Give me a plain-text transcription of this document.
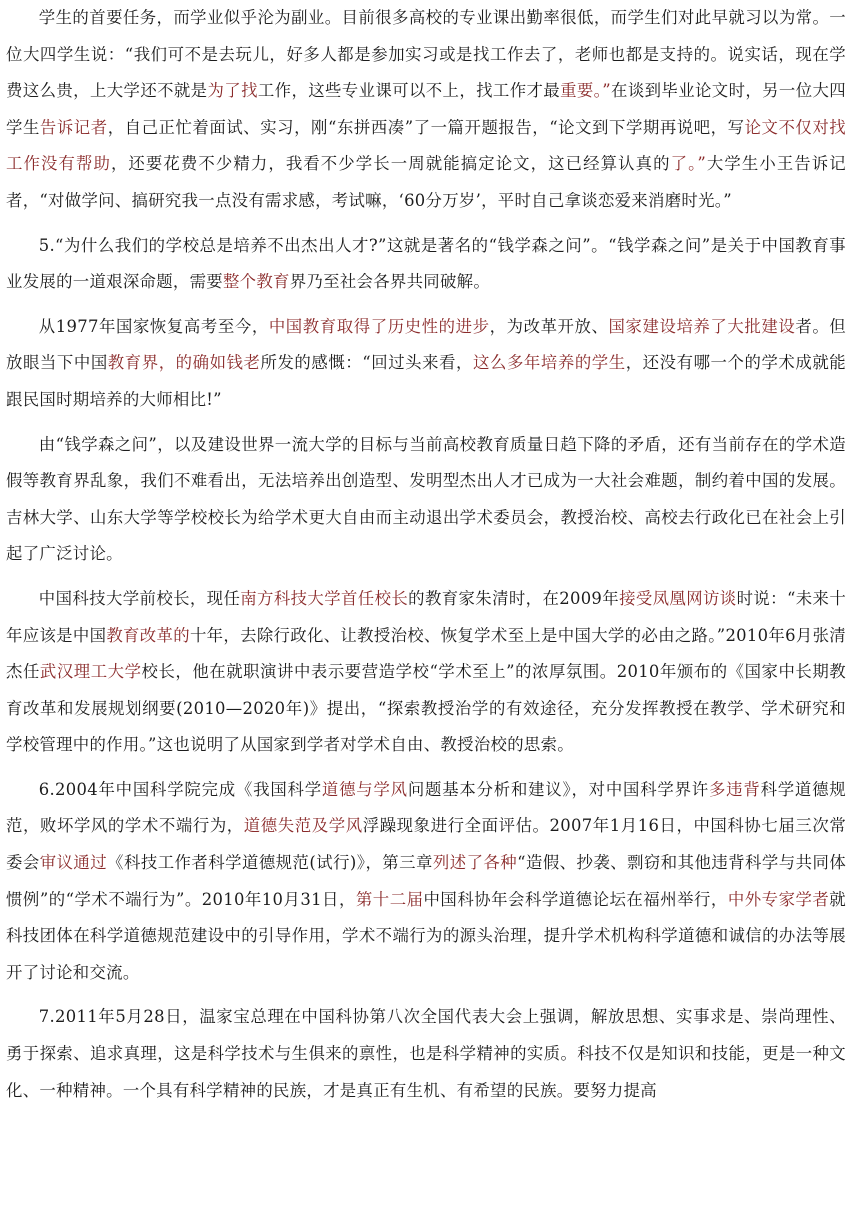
学生的首要任务，而学业似乎沦为副业。目前很多高校的专业课出勤率很低，而学生们对此早就习以为常。一位大四学生说：“我们可不是去玩儿，好多人都是参加实习或是找工作去了，老师也都是支持的。说实话，现在学费这么贵，上大学还不就是为了找工作，这些专业课可以不上，找工作才最重要。”在谈到毕业论文时，另一位大四学生告诉记者，自己正忙着面试、实习，刚“东拼西凑”了一篇开题报告，“论文到下学期再说吧，写论文不仅对找工作没有帮助，还要花费不少精力，我看不少学长一周就能搞定论文，这已经算认真的了。”大学生小王告诉记者，“对做学问、搞研究我一点没有需求感，考试嘛，‘60分万岁’，平时自己拿谈恋爱来消磨时光。”

5.“为什么我们的学校总是培养不出杰出人才?”这就是著名的“钱学森之问”。“钱学森之问”是关于中国教育事业发展的一道艰深命题，需要整个教育界乃至社会各界共同破解。

从1977年国家恢复高考至今，中国教育取得了历史性的进步，为改革开放、国家建设培养了大批建设者。但放眼当下中国教育界，的确如钱老所发的感慨：“回过头来看，这么多年培养的学生，还没有哪一个的学术成就能跟民国时期培养的大师相比!”

由“钱学森之问”，以及建设世界一流大学的目标与当前高校教育质量日趋下降的矛盾，还有当前存在的学术造假等教育界乱象，我们不难看出，无法培养出创造型、发明型杰出人才已成为一大社会难题，制约着中国的发展。吉林大学、山东大学等学校校长为给学术更大自由而主动退出学术委员会，教授治校、高校去行政化已在社会上引起了广泛讨论。

中国科技大学前校长，现任南方科技大学首任校长的教育家朱清时，在2009年接受凤凰网访谈时说：“未来十年应该是中国教育改革的十年，去除行政化、让教授治校、恢复学术至上是中国大学的必由之路。”2010年6月张清杰任武汉理工大学校长，他在就职演讲中表示要营造学校“学术至上”的浓厚氛围。2010年颁布的《国家中长期教育改革和发展规划纲要(2010—2020年)》提出，“探索教授治学的有效途径，充分发挥教授在教学、学术研究和学校管理中的作用。”这也说明了从国家到学者对学术自由、教授治校的思索。

6.2004年中国科学院完成《我国科学道德与学风问题基本分析和建议》，对中国科学界许多违背科学道德规范，败坏学风的学术不端行为，道德失范及学风浮躁现象进行全面评估。2007年1月16日，中国科协七届三次常委会审议通过《科技工作者科学道德规范(试行)》，第三章列述了各种“造假、抄袭、剽窃和其他违背科学与共同体惯例”的“学术不端行为”。2010年10月31日，第十二届中国科协年会科学道德论坛在福州举行，中外专家学者就科技团体在科学道德规范建设中的引导作用，学术不端行为的源头治理，提升学术机构科学道德和诚信的办法等展开了讨论和交流。

7.2011年5月28日，温家宝总理在中国科协第八次全国代表大会上强调，解放思想、实事求是、崇尚理性、勇于探索、追求真理，这是科学技术与生俱来的禀性，也是科学精神的实质。科技不仅是知识和技能，更是一种文化、一种精神。一个具有科学精神的民族，才是真正有生机、有希望的民族。要努力提高
